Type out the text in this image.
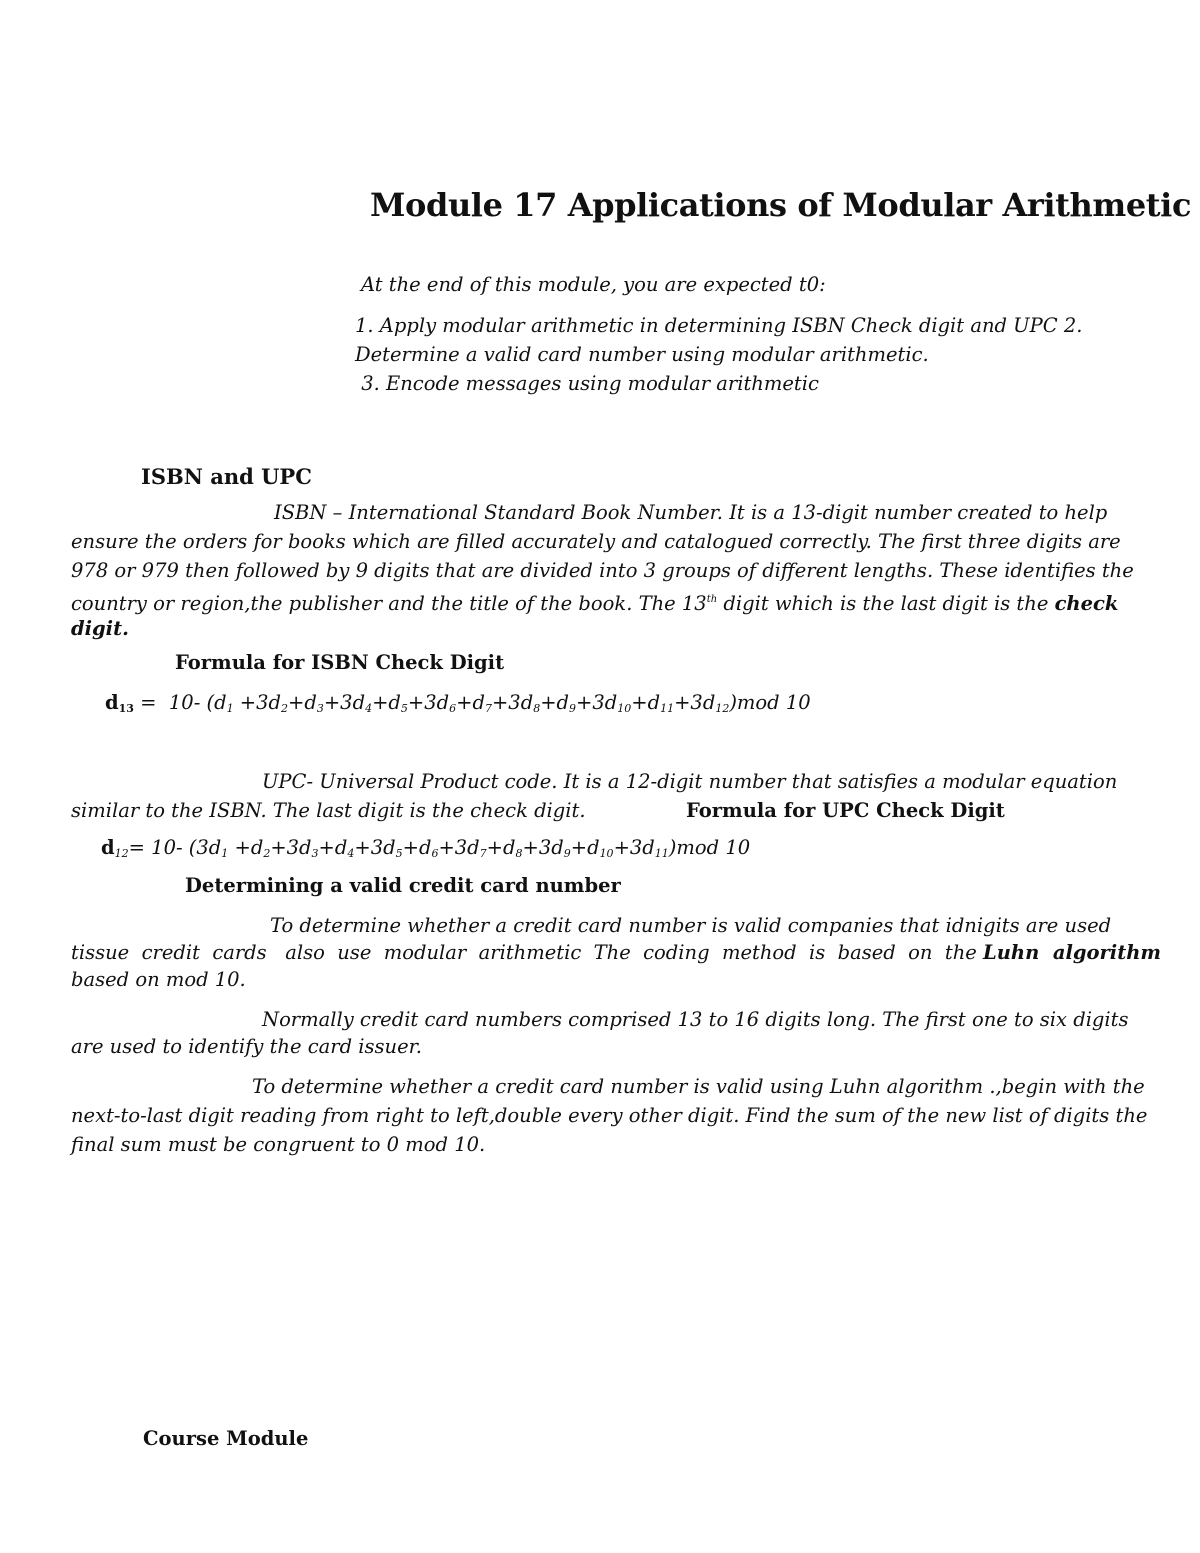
Module 17 Applications of Modular Arithmetic
At the end of this module, you are expected t0:
1. Apply modular arithmetic in determining ISBN Check digit and UPC 2.
Determine a valid card number using modular arithmetic.
3. Encode messages using modular arithmetic
ISBN and UPC
ISBN – International Standard Book Number. It is a 13-digit number created to help
ensure the orders for books which are filled accurately and catalogued correctly. The first three digits are
978 or 979 then followed by 9 digits that are divided into 3 groups of different lengths. These identifies the
country or region,the publisher and the title of the book. The 13th digit which is the last digit is the check
digit.
Formula for ISBN Check Digit
$d_{13} = 10-$ $(d_1 +3d_2+d_3+3d_4+d_5+3d_6+d_7+3d_8+d_9+3d_{10}+d_{11}+3d_{12})mod$ 10
UPC- Universal Product code. It is a 12-digit number that satisfies a modular equation
similar to the ISBN. The last digit is the check digit.	Formula for UPC Check Digit
$d_{12}= 10-$ $(3d_1 +d_2+3d_3+d_4+3d_5+d_6+3d_7+d_8+3d_9+d_{10}+3d_{11})mod$ 10
Determining a valid credit card number
To determine whether a credit card number is valid companies that idnigits are used
tissue  credit  cards   also  use  modular  arithmetic  The  coding  method  is  based  on  the Luhn  algorithm
based on mod 10.
Normally credit card numbers comprised 13 to 16 digits long. The first one to six digits
are used to identify the card issuer.
To determine whether a credit card number is valid using Luhn algorithm .,begin with the
next-to-last digit reading from right to left,double every other digit. Find the sum of the new list of digits the
final sum must be congruent to 0 mod 10.
Course Module
